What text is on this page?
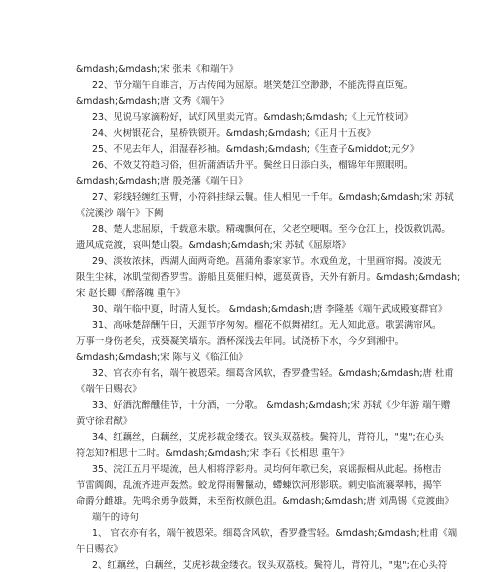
&mdash;&mdash;宋 张耒《和端午》
22、节分端午自谁言，万古传闻为屈原。堪笑楚江空渺渺，不能洗得直臣冤。
&mdash;&mdash;唐 文秀《端午》
23、见说马家滴粉好，试灯风里卖元宵。&mdash;&mdash;《上元竹枝词》
24、火树银花合，星桥铁锁开。&mdash;&mdash;《正月十五夜》
25、不见去年人，泪湿春衫袖。&mdash;&mdash;《生查子&middot;元夕》
26、不效艾符趋习俗，但祈蒲酒话升平。鬓丝日日添白头，榴锦年年照眼明。
&mdash;&mdash;唐 殷尧藩《端午日》
27、彩线轻缠红玉臂，小符斜挂绿云鬟。佳人相见一千年。&mdash;&mdash;宋 苏轼
《浣溪沙 端午》下阙
28、楚人悲屈原，千载意未歇。精魂飘何在，父老空哽咽。至今仓江上，投饭救饥渴。
遗风成竞渡，哀叫楚山裂。&mdash;&mdash;宋 苏轼《屈原塔》
29、淡妆浓抹，西湖人面两奇绝。菖蒲角黍家家节。水戏鱼龙，十里画帘揭。凌波无
限生尘袜，冰肌莹彻香罗雪。游船且莫催归棹，遮莫黄昏，天外有新月。&mdash;&mdash;
宋 赵长卿《醉落魄 重午》
30、端午临中夏，时清人复长。 &mdash;&mdash;唐 李隆基《端午武成殿宴群官》
31、高咏楚辞酬午日，天涯节序匆匆。榴花不似舞裙红。无人知此意。歌罢满帘风。
万事一身伤老矣，戎葵凝笑墙东。酒杯深浅去年同。试浇桥下水，今夕到湘中。
&mdash;&mdash;宋 陈与义《临江仙》
32、官衣亦有名，端午被恩荣。细葛含风软，香罗叠雪轻。&mdash;&mdash;唐 杜甫
《端午日赐衣》
33、好酒沈醉醺佳节，十分酒，一分歌。 &mdash;&mdash;宋 苏轼《少年游 端午赠
黄守徐君猷》
34、红藕丝，白藕丝，艾虎衫裁金缕衣。钗头双荔枝。鬓符儿，背符儿，"鬼";在心头
符怎知?相思十二时。&mdash;&mdash;宋 李石《长相思 重午》
35、浣江五月平堤流，邑人相将浮彩舟。灵均何年歌已矣，哀谣振楫从此起。扬枹击
节雷阗阗，乱流齐进声轰然。蛟龙得雨鬐鬣动，螮蝀饮河形影联。刺史临流褰翠帏，揭竿
命爵分雌雄。先鸣余勇争鼓舞，未至衔枚颜色沮。&mdash;&mdash;唐 刘禹锡《竞渡曲》
端午的诗句
1、 官衣亦有名，端午被恩荣。细葛含风软，香罗叠雪轻。&mdash;&mdash;杜甫《端
午日赐衣》
2、红藕丝，白藕丝，艾虎衫裁金缕衣。钗头双荔枝。鬓符儿，背符儿，"鬼";在心头符
